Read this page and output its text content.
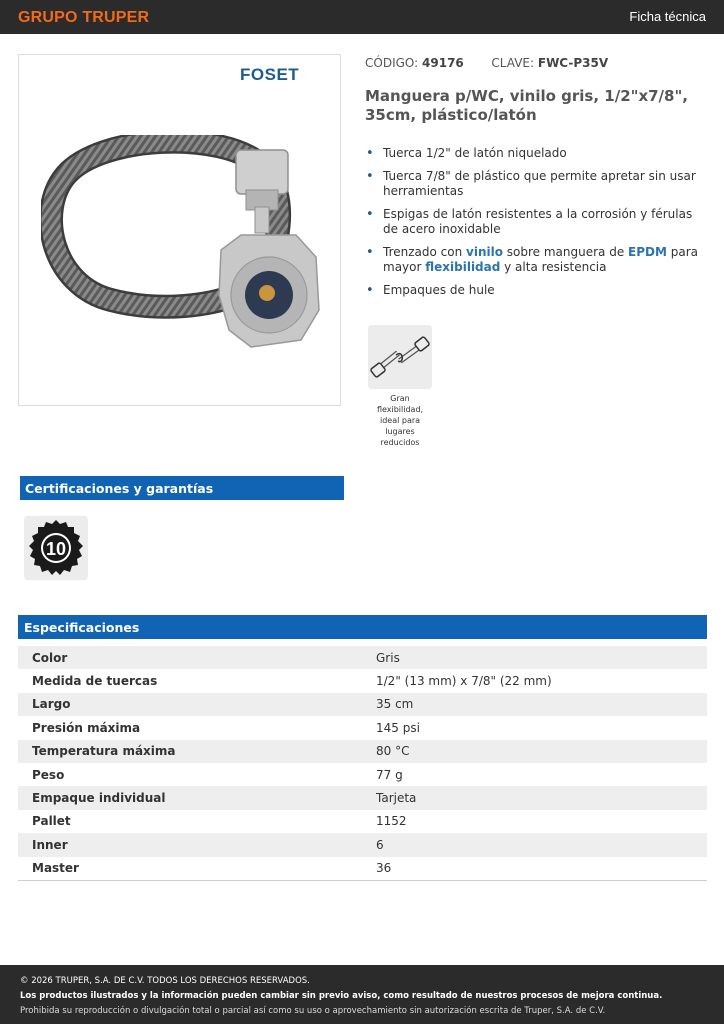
GRUPO TRUPER	Ficha técnica
FOSET
CÓDIGO: 49176 CLAVE: FWC-P35V
Manguera p/WC, vinilo gris, 1/2"x7/8", 35cm, plástico/latón
• Tuerca 1/2" de latón niquelado
• Tuerca 7/8" de plástico que permite apretar sin usar herramientas
• Espigas de latón resistentes a la corrosión y férulas de acero inoxidable
• Trenzado con vinilo sobre manguera de EPDM para mayor flexibilidad y alta resistencia
• Empaques de hule
Gran flexibilidad, ideal para lugares reducidos
Certificaciones y garantías
10
Especificaciones
Color	Gris
Medida de tuercas	1/2" (13 mm) x 7/8" (22 mm)
Largo	35 cm
Presión máxima	145 psi
Temperatura máxima	80 °C
Peso	77 g
Empaque individual	Tarjeta
Pallet	1152
Inner	6
Master	36
© 2026 TRUPER, S.A. DE C.V. TODOS LOS DERECHOS RESERVADOS.
Los productos ilustrados y la información pueden cambiar sin previo aviso, como resultado de nuestros procesos de mejora continua.
Prohibida su reproducción o divulgación total o parcial así como su uso o aprovechamiento sin autorización escrita de Truper, S.A. de C.V.
